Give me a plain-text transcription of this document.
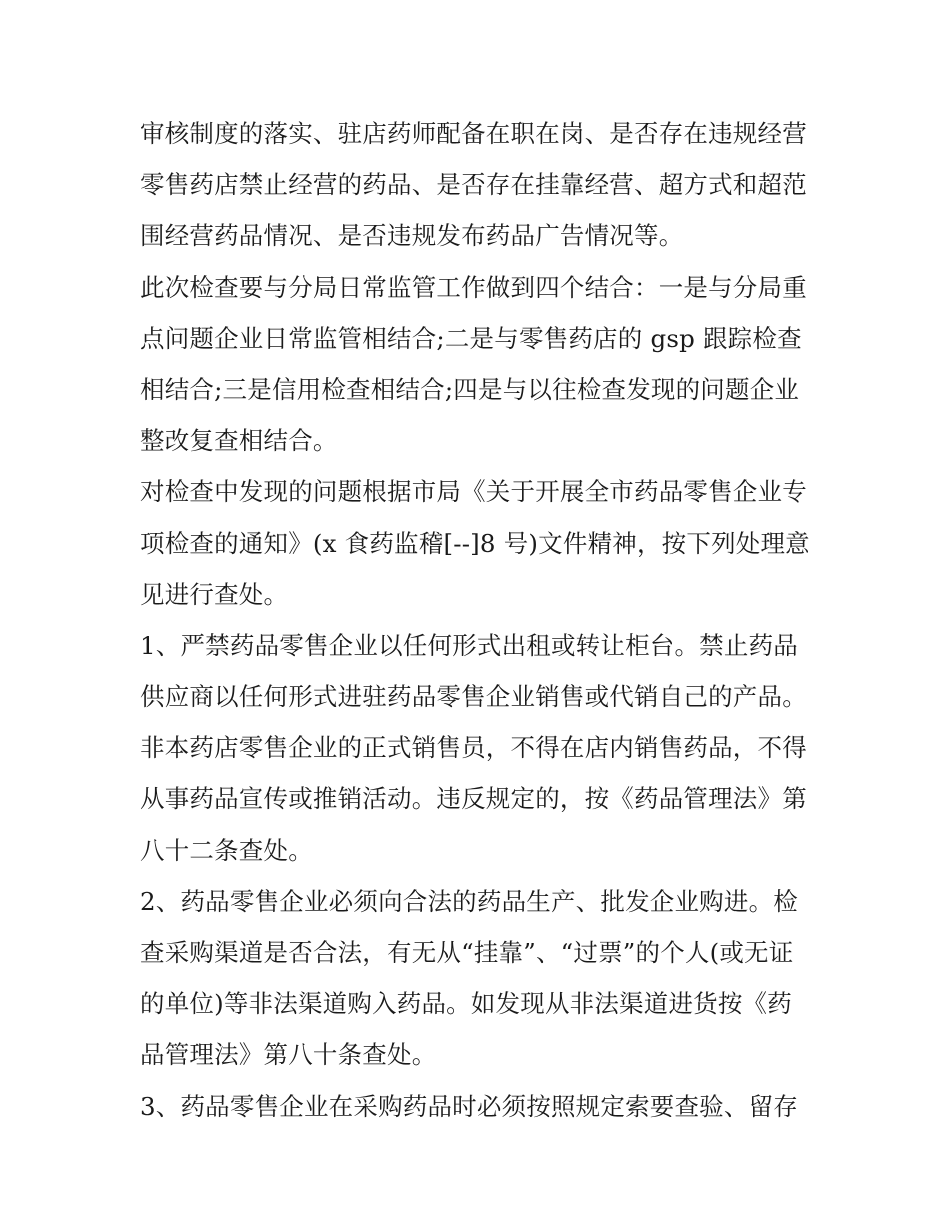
审核制度的落实、驻店药师配备在职在岗、是否存在违规经营
零售药店禁止经营的药品、是否存在挂靠经营、超方式和超范
围经营药品情况、是否违规发布药品广告情况等。
此次检查要与分局日常监管工作做到四个结合：一是与分局重
点问题企业日常监管相结合;二是与零售药店的 gsp 跟踪检查
相结合;三是信用检查相结合;四是与以往检查发现的问题企业
整改复查相结合。
对检查中发现的问题根据市局《关于开展全市药品零售企业专
项检查的通知》(x 食药监稽[--]8 号)文件精神，按下列处理意
见进行查处。
1、严禁药品零售企业以任何形式出租或转让柜台。禁止药品
供应商以任何形式进驻药品零售企业销售或代销自己的产品。
非本药店零售企业的正式销售员，不得在店内销售药品，不得
从事药品宣传或推销活动。违反规定的，按《药品管理法》第
八十二条查处。
2、药品零售企业必须向合法的药品生产、批发企业购进。检
查采购渠道是否合法，有无从“挂靠”、“过票”的个人(或无证
的单位)等非法渠道购入药品。如发现从非法渠道进货按《药
品管理法》第八十条查处。
3、药品零售企业在采购药品时必须按照规定索要查验、留存
